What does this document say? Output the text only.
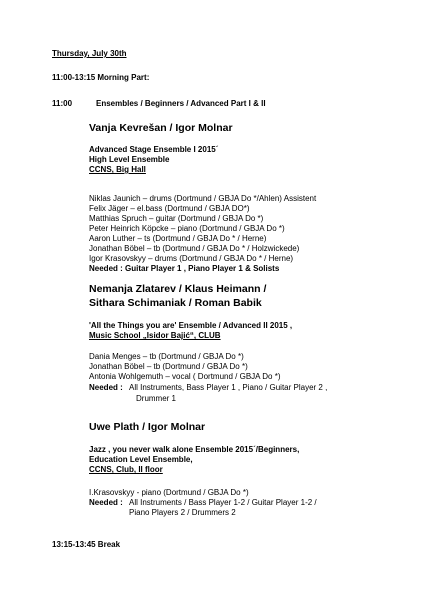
Thursday, July 30th
11:00-13:15 Morning Part:
11:00	Ensembles / Beginners / Advanced Part I & II
Vanja Kevrešan / Igor Molnar
Advanced Stage Ensemble I 2015´
High Level Ensemble
CCNS, Big Hall
Niklas Jaunich – drums (Dortmund / GBJA Do */Ahlen) Assistent
Felix Jäger – el.bass (Dortmund / GBJA DO*)
Matthias Spruch – guitar (Dortmund / GBJA Do *)
Peter Heinrich Köpcke – piano (Dortmund / GBJA Do *)
Aaron Luther – ts (Dortmund / GBJA Do * / Herne)
Jonathan Böbel – tb (Dortmund / GBJA Do * / Holzwickede)
Igor Krasovskyy – drums (Dortmund / GBJA Do * / Herne)
Needed : Guitar Player 1 , Piano Player 1 & Solists
Nemanja Zlatarev / Klaus Heimann /
Sithara Schimaniak / Roman Babik
'All the Things you are' Ensemble / Advanced II 2015 ,
Music School „Isidor Bajić“, CLUB
Dania Menges – tb (Dortmund / GBJA Do *)
Jonathan Böbel – tb (Dortmund / GBJA Do *)
Antonia Wohlgemuth – vocal ( Dortmund / GBJA Do *)
Needed : All Instruments, Bass Player 1 , Piano / Guitar Player 2 ,
Drummer 1
Uwe Plath / Igor Molnar
Jazz , you never walk alone Ensemble 2015´/Beginners,
Education Level Ensemble,
CCNS, Club, II floor
I.Krasovskyy - piano (Dortmund / GBJA Do *)
Needed : All Instruments / Bass Player 1-2 / Guitar Player 1-2 /
Piano Players 2 / Drummers 2
13:15-13:45 Break
